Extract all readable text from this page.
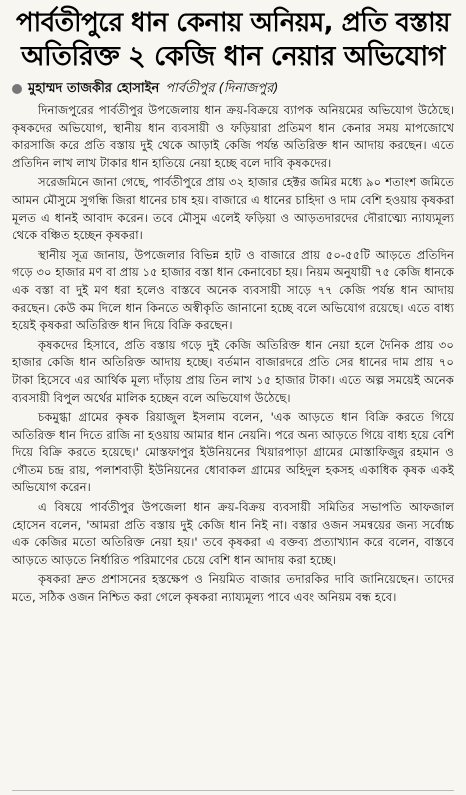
পার্বতীপুরে ধান কেনায় অনিয়ম, প্রতি বস্তায়
অতিরিক্ত ২ কেজি ধান নেয়ার অভিযোগ
মুহাম্মদ তাজকীর হোসাইন পার্বতীপুর (দিনাজপুর)

দিনাজপুরের পার্বতীপুর উপজেলায় ধান ক্রয়-বিক্রয়ে ব্যাপক অনিয়মের অভিযোগ উঠেছে। কৃষকদের অভিযোগ, স্থানীয় ধান ব্যবসায়ী ও ফড়িয়ারা প্রতিমণ ধান কেনার সময় মাপজোখে কারসাজি করে প্রতি বস্তায় দুই থেকে আড়াই কেজি পর্যন্ত অতিরিক্ত ধান আদায় করছেন। এতে প্রতিদিন লাখ লাখ টাকার ধান হাতিয়ে নেয়া হচ্ছে বলে দাবি কৃষকদের।

সরেজমিনে জানা গেছে, পার্বতীপুরে প্রায় ৩২ হাজার হেক্টর জমির মধ্যে ৯০ শতাংশ জমিতে আমন মৌসুমে সুগন্ধি জিরা ধানের চাষ হয়। বাজারে এ ধানের চাহিদা ও দাম বেশি হওয়ায় কৃষকরা মূলত এ ধানই আবাদ করেন। তবে মৌসুম এলেই ফড়িয়া ও আড়তদারদের দৌরাত্ম্যে ন্যায্যমূল্য থেকে বঞ্চিত হচ্ছেন কৃষকরা।

স্থানীয় সূত্র জানায়, উপজেলার বিভিন্ন হাট ও বাজারে প্রায় ৫০-৫৫টি আড়তে প্রতিদিন গড়ে ৩০ হাজার মণ বা প্রায় ১৫ হাজার বস্তা ধান কেনাবেচা হয়। নিয়ম অনুযায়ী ৭৫ কেজি ধানকে এক বস্তা বা দুই মণ ধরা হলেও বাস্তবে অনেক ব্যবসায়ী সাড়ে ৭৭ কেজি পর্যন্ত ধান আদায় করছেন। কেউ কম দিলে ধান কিনতে অস্বীকৃতি জানানো হচ্ছে বলে অভিযোগ রয়েছে। এতে বাধ্য হয়েই কৃষকরা অতিরিক্ত ধান দিয়ে বিক্রি করছেন।

কৃষকদের হিসাবে, প্রতি বস্তায় গড়ে দুই কেজি অতিরিক্ত ধান নেয়া হলে দৈনিক প্রায় ৩০ হাজার কেজি ধান অতিরিক্ত আদায় হচ্ছে। বর্তমান বাজারদরে প্রতি সের ধানের দাম প্রায় ৭০ টাকা হিসেবে এর আর্থিক মূল্য দাঁড়ায় প্রায় তিন লাখ ১৫ হাজার টাকা। এতে অল্প সময়েই অনেক ব্যবসায়ী বিপুল অর্থের মালিক হচ্ছেন বলে অভিযোগ উঠেছে।

চকমুগ্ধা গ্রামের কৃষক রিয়াজুল ইসলাম বলেন, 'এক আড়তে ধান বিক্রি করতে গিয়ে অতিরিক্ত ধান দিতে রাজি না হওয়ায় আমার ধান নেয়নি। পরে অন্য আড়তে গিয়ে বাধ্য হয়ে বেশি দিয়ে বিক্রি করতে হয়েছে।' মোস্তফাপুর ইউনিয়নের খিয়ারপাড়া গ্রামের মোস্তাফিজুর রহমান ও গৌতম চন্দ্র রায়, পলাশবাড়ী ইউনিয়নের ধোবাকল গ্রামের অহিদুল হকসহ একাধিক কৃষক একই অভিযোগ করেন।

এ বিষয়ে পার্বতীপুর উপজেলা ধান ক্রয়-বিক্রয় ব্যবসায়ী সমিতির সভাপতি আফজাল হোসেন বলেন, 'আমরা প্রতি বস্তায় দুই কেজি ধান নিই না। বস্তার ওজন সমন্বয়ের জন্য সর্বোচ্চ এক কেজির মতো অতিরিক্ত নেয়া হয়।' তবে কৃষকরা এ বক্তব্য প্রত্যাখ্যান করে বলেন, বাস্তবে আড়তে আড়তে নির্ধারিত পরিমাণের চেয়ে বেশি ধান আদায় করা হচ্ছে।

কৃষকরা দ্রুত প্রশাসনের হস্তক্ষেপ ও নিয়মিত বাজার তদারকির দাবি জানিয়েছেন। তাদের মতে, সঠিক ওজন নিশ্চিত করা গেলে কৃষকরা ন্যায্যমূল্য পাবে এবং অনিয়ম বন্ধ হবে।
